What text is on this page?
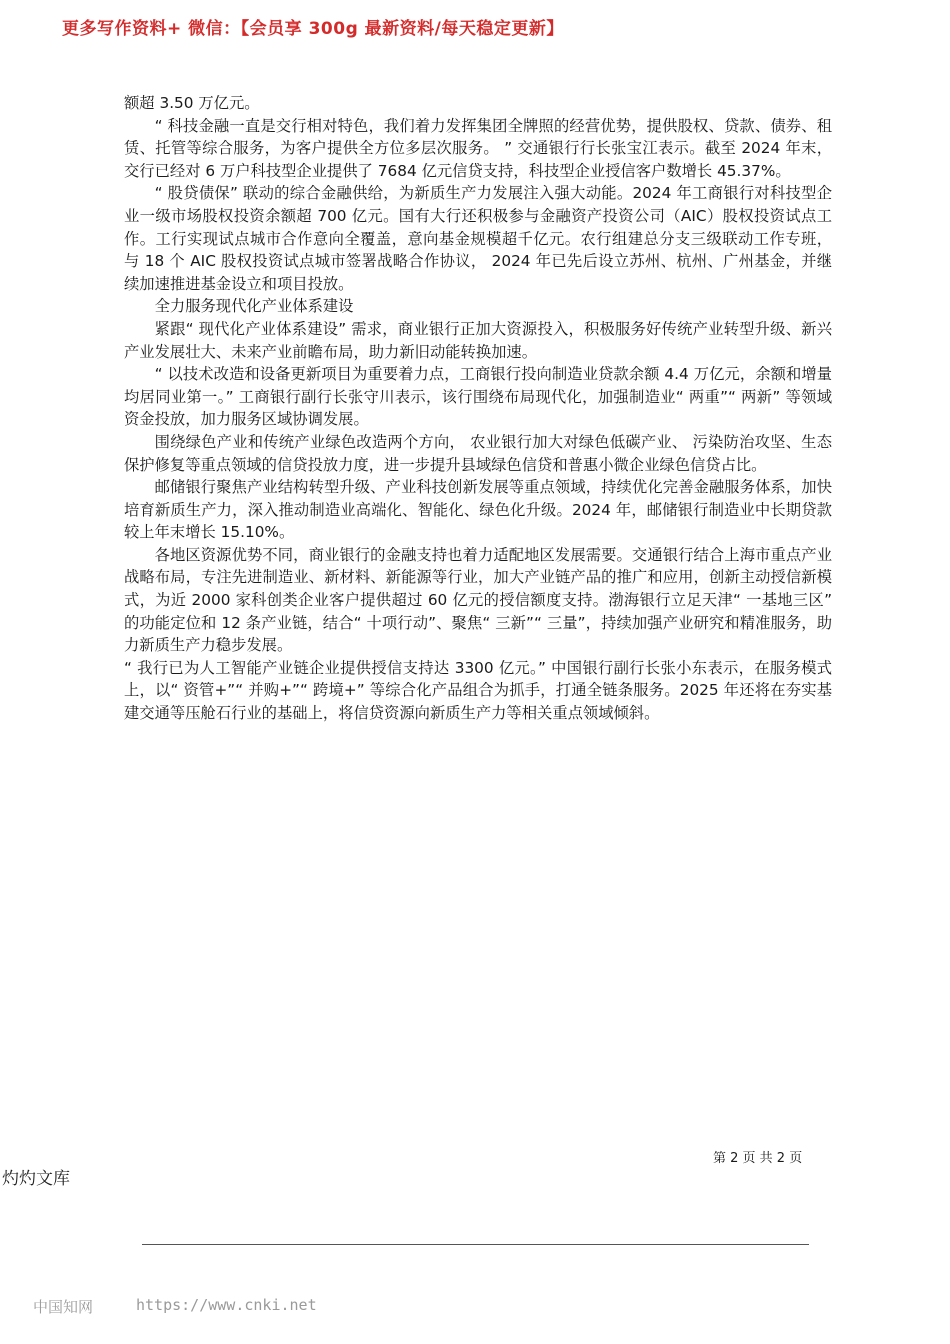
更多写作资料+ 微信：【会员享 300g 最新资料/每天稳定更新】

额超 3.50 万亿元。

“ 科技金融一直是交行相对特色，我们着力发挥集团全牌照的经营优势，提供股权、贷款、债券、租赁、托管等综合服务，为客户提供全方位多层次服务。 ” 交通银行行长张宝江表示。截至 2024 年末，交行已经对 6 万户科技型企业提供了 7684 亿元信贷支持，科技型企业授信客户数增长 45.37%。

“ 股贷债保” 联动的综合金融供给，为新质生产力发展注入强大动能。2024 年工商银行对科技型企业一级市场股权投资余额超 700 亿元。国有大行还积极参与金融资产投资公司（AIC）股权投资试点工作。工行实现试点城市合作意向全覆盖，意向基金规模超千亿元。农行组建总分支三级联动工作专班， 与 18 个 AIC 股权投资试点城市签署战略合作协议， 2024 年已先后设立苏州、杭州、广州基金，并继续加速推进基金设立和项目投放。

全力服务现代化产业体系建设

紧跟“ 现代化产业体系建设” 需求，商业银行正加大资源投入，积极服务好传统产业转型升级、新兴产业发展壮大、未来产业前瞻布局，助力新旧动能转换加速。

“ 以技术改造和设备更新项目为重要着力点，工商银行投向制造业贷款余额 4.4 万亿元，余额和增量均居同业第一。” 工商银行副行长张守川表示，该行围绕布局现代化，加强制造业“ 两重”“ 两新” 等领域资金投放，加力服务区域协调发展。

围绕绿色产业和传统产业绿色改造两个方向， 农业银行加大对绿色低碳产业、 污染防治攻坚、生态保护修复等重点领域的信贷投放力度，进一步提升县域绿色信贷和普惠小微企业绿色信贷占比。

邮储银行聚焦产业结构转型升级、产业科技创新发展等重点领域，持续优化完善金融服务体系，加快培育新质生产力，深入推动制造业高端化、智能化、绿色化升级。2024 年，邮储银行制造业中长期贷款较上年末增长 15.10%。

各地区资源优势不同，商业银行的金融支持也着力适配地区发展需要。交通银行结合上海市重点产业战略布局，专注先进制造业、新材料、新能源等行业，加大产业链产品的推广和应用，创新主动授信新模式，为近 2000 家科创类企业客户提供超过 60 亿元的授信额度支持。渤海银行立足天津“ 一基地三区” 的功能定位和 12 条产业链，结合“ 十项行动”、聚焦“ 三新”“ 三量”，持续加强产业研究和精准服务，助力新质生产力稳步发展。

“ 我行已为人工智能产业链企业提供授信支持达 3300 亿元。” 中国银行副行长张小东表示，在服务模式上，以“ 资管+”“ 并购+”“ 跨境+” 等综合化产品组合为抓手，打通全链条服务。2025 年还将在夯实基建交通等压舱石行业的基础上，将信贷资源向新质生产力等相关重点领域倾斜。

第 2 页 共 2 页
灼灼文库
中国知网	https://www.cnki.net
